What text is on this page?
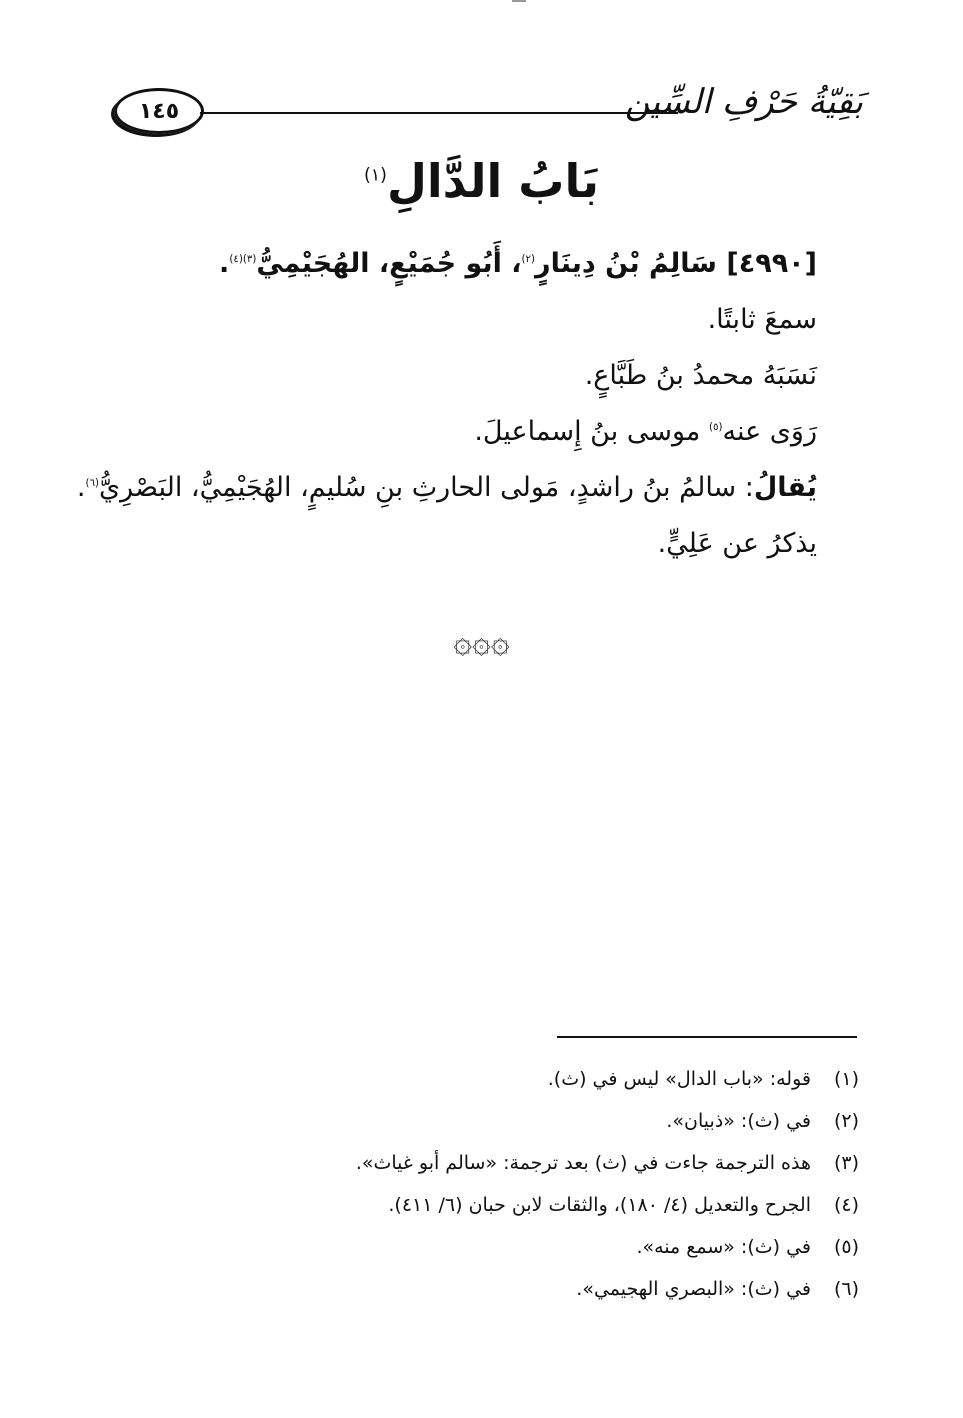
١٤٥	بَقِيّةُ حَرْفِ السِّين
بَابُ الدَّالِ$^{(١)}$
[٤٩٩٠] سَالِمُ بْنُ دِينَارٍ$^{(٢)}$، أَبُو جُمَيْعٍ، الهُجَيْمِيُّ$^{(٣)(٤)}$.
سمعَ ثابتًا.
نَسَبَهُ محمدُ بنُ طَبَّاعٍ.
رَوَى عنه$^{(٥)}$ موسى بنُ إِسماعيلَ.
يُقالُ: سالمُ بنُ راشدٍ، مَولى الحارثِ بنِ سُليمٍ، الهُجَيْمِيُّ، البَصْرِيُّ$^{(٦)}$.
يذكرُ عن عَلِيٍّ.
۞۞۞
(١)قوله: «باب الدال» ليس في (ث).
(٢)في (ث): «ذبيان».
(٣)هذه الترجمة جاءت في (ث) بعد ترجمة: «سالم أبو غياث».
(٤)الجرح والتعديل (٤/ ١٨٠)، والثقات لابن حبان (٦/ ٤١١).
(٥)في (ث): «سمع منه».
(٦)في (ث): «البصري الهجيمي».
